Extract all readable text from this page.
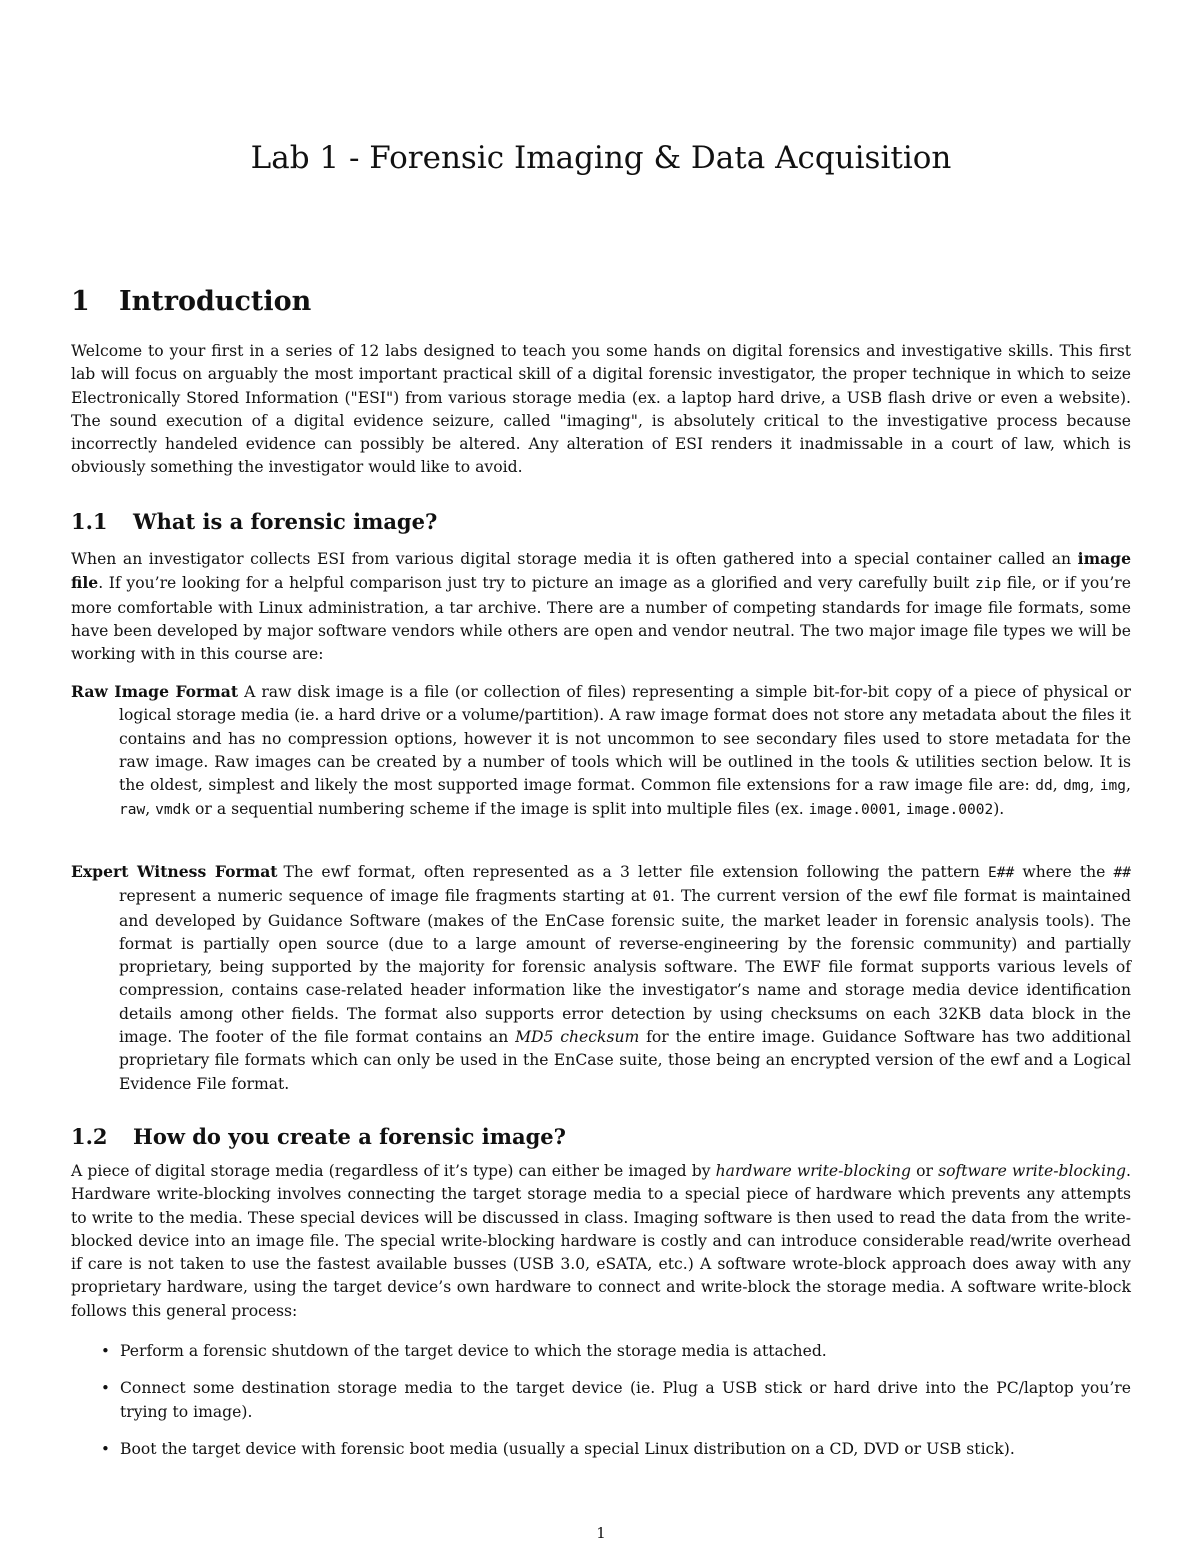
Lab 1 - Forensic Imaging & Data Acquisition
1 Introduction

Welcome to your first in a series of 12 labs designed to teach you some hands on digital forensics and investigative skills. This first lab will focus on arguably the most important practical skill of a digital forensic investigator, the proper technique in which to seize Electronically Stored Information ("ESI") from various storage media (ex. a laptop hard drive, a USB flash drive or even a website). The sound execution of a digital evidence seizure, called "imaging", is absolutely critical to the investigative process because incorrectly handeled evidence can possibly be altered. Any alteration of ESI renders it inadmissable in a court of law, which is obviously something the investigator would like to avoid.

1.1 What is a forensic image?

When an investigator collects ESI from various digital storage media it is often gathered into a special container called an image file. If you’re looking for a helpful comparison just try to picture an image as a glorified and very carefully built zip file, or if you’re more comfortable with Linux administration, a tar archive. There are a number of competing standards for image file formats, some have been developed by major software vendors while others are open and vendor neutral. The two major image file types we will be working with in this course are:

Raw Image Format A raw disk image is a file (or collection of files) representing a simple bit-for-bit copy of a piece of physical or logical storage media (ie. a hard drive or a volume/partition). A raw image format does not store any metadata about the files it contains and has no compression options, however it is not uncommon to see secondary files used to store metadata for the raw image. Raw images can be created by a number of tools which will be outlined in the tools & utilities section below. It is the oldest, simplest and likely the most supported image format. Common file extensions for a raw image file are: dd, dmg, img, raw, vmdk or a sequential numbering scheme if the image is split into multiple files (ex. image.0001, image.0002).

Expert Witness Format The ewf format, often represented as a 3 letter file extension following the pattern E## where the ## represent a numeric sequence of image file fragments starting at 01. The current version of the ewf file format is maintained and developed by Guidance Software (makes of the EnCase forensic suite, the market leader in forensic analysis tools). The format is partially open source (due to a large amount of reverse-engineering by the forensic community) and partially proprietary, being supported by the majority for forensic analysis software. The EWF file format supports various levels of compression, contains case-related header information like the investigator’s name and storage media device identification details among other fields. The format also supports error detection by using checksums on each 32KB data block in the image. The footer of the file format contains an MD5 checksum for the entire image. Guidance Software has two additional proprietary file formats which can only be used in the EnCase suite, those being an encrypted version of the ewf and a Logical Evidence File format.

1.2 How do you create a forensic image?

A piece of digital storage media (regardless of it’s type) can either be imaged by hardware write-blocking or software write-blocking. Hardware write-blocking involves connecting the target storage media to a special piece of hardware which prevents any attempts to write to the media. These special devices will be discussed in class. Imaging software is then used to read the data from the write-blocked device into an image file. The special write-blocking hardware is costly and can introduce considerable read/write overhead if care is not taken to use the fastest available busses (USB 3.0, eSATA, etc.) A software wrote-block approach does away with any proprietary hardware, using the target device’s own hardware to connect and write-block the storage media. A software write-block follows this general process:

• Perform a forensic shutdown of the target device to which the storage media is attached.
• Connect some destination storage media to the target device (ie. Plug a USB stick or hard drive into the PC/laptop you’re trying to image).
• Boot the target device with forensic boot media (usually a special Linux distribution on a CD, DVD or USB stick).
1
